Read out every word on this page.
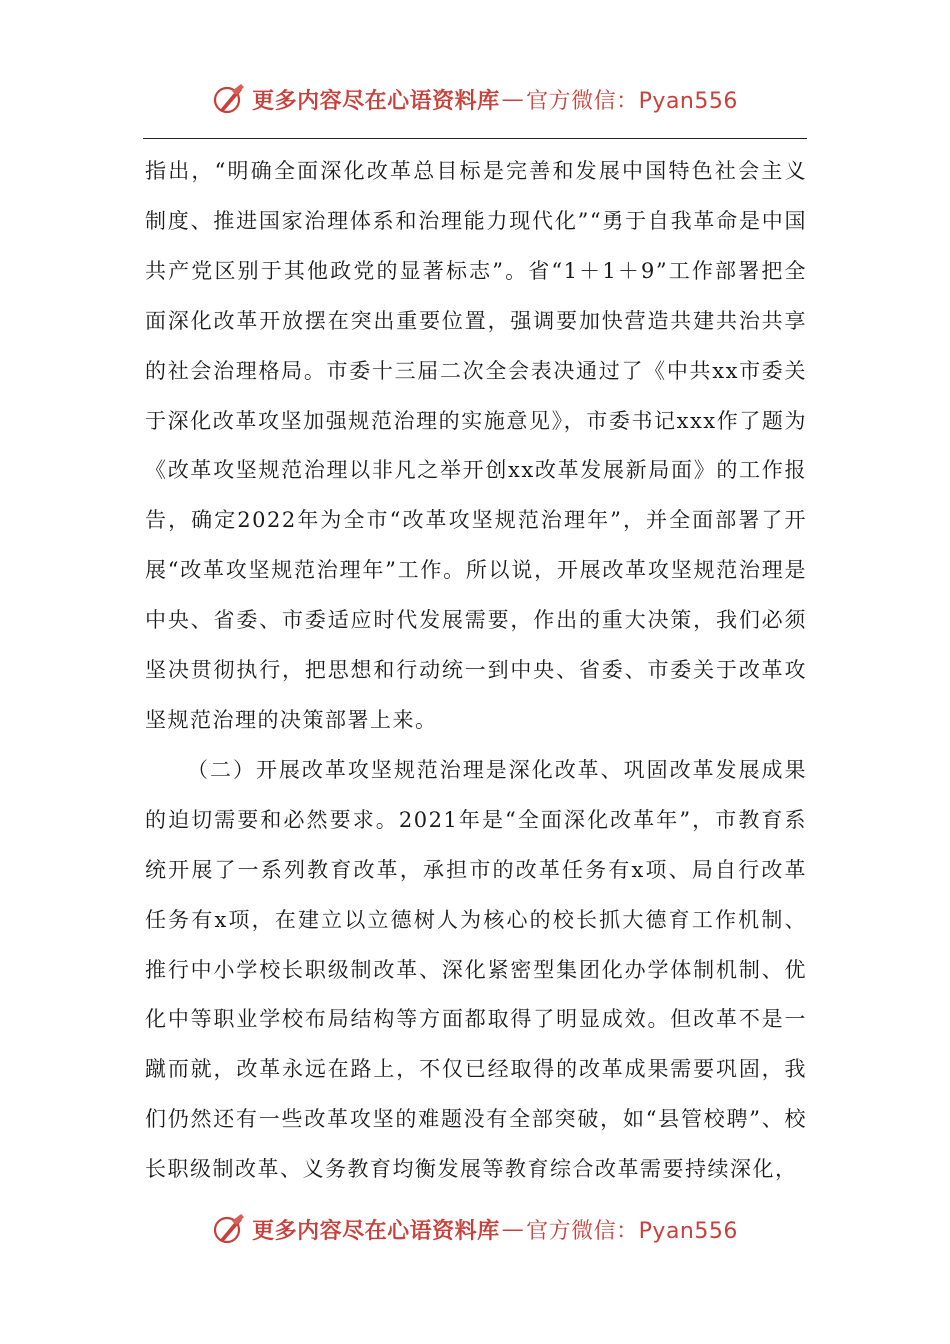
更多内容尽在心语资料库 — 官方微信：Pyan556

指出，“明确全面深化改革总目标是完善和发展中国特色社会主义制度、推进国家治理体系和治理能力现代化”“勇于自我革命是中国共产党区别于其他政党的显著标志”。省“1＋1＋9”工作部署把全面深化改革开放摆在突出重要位置，强调要加快营造共建共治共享的社会治理格局。市委十三届二次全会表决通过了《中共xx市委关于深化改革攻坚加强规范治理的实施意见》，市委书记xxx作了题为《改革攻坚规范治理以非凡之举开创xx改革发展新局面》的工作报告，确定2022年为全市“改革攻坚规范治理年”，并全面部署了开展“改革攻坚规范治理年”工作。所以说，开展改革攻坚规范治理是中央、省委、市委适应时代发展需要，作出的重大决策，我们必须坚决贯彻执行，把思想和行动统一到中央、省委、市委关于改革攻坚规范治理的决策部署上来。

（二）开展改革攻坚规范治理是深化改革、巩固改革发展成果的迫切需要和必然要求。2021年是“全面深化改革年”，市教育系统开展了一系列教育改革，承担市的改革任务有x项、局自行改革任务有x项，在建立以立德树人为核心的校长抓大德育工作机制、推行中小学校长职级制改革、深化紧密型集团化办学体制机制、优化中等职业学校布局结构等方面都取得了明显成效。但改革不是一蹴而就，改革永远在路上，不仅已经取得的改革成果需要巩固，我们仍然还有一些改革攻坚的难题没有全部突破，如“县管校聘”、校长职级制改革、义务教育均衡发展等教育综合改革需要持续深化，

更多内容尽在心语资料库 — 官方微信：Pyan556
